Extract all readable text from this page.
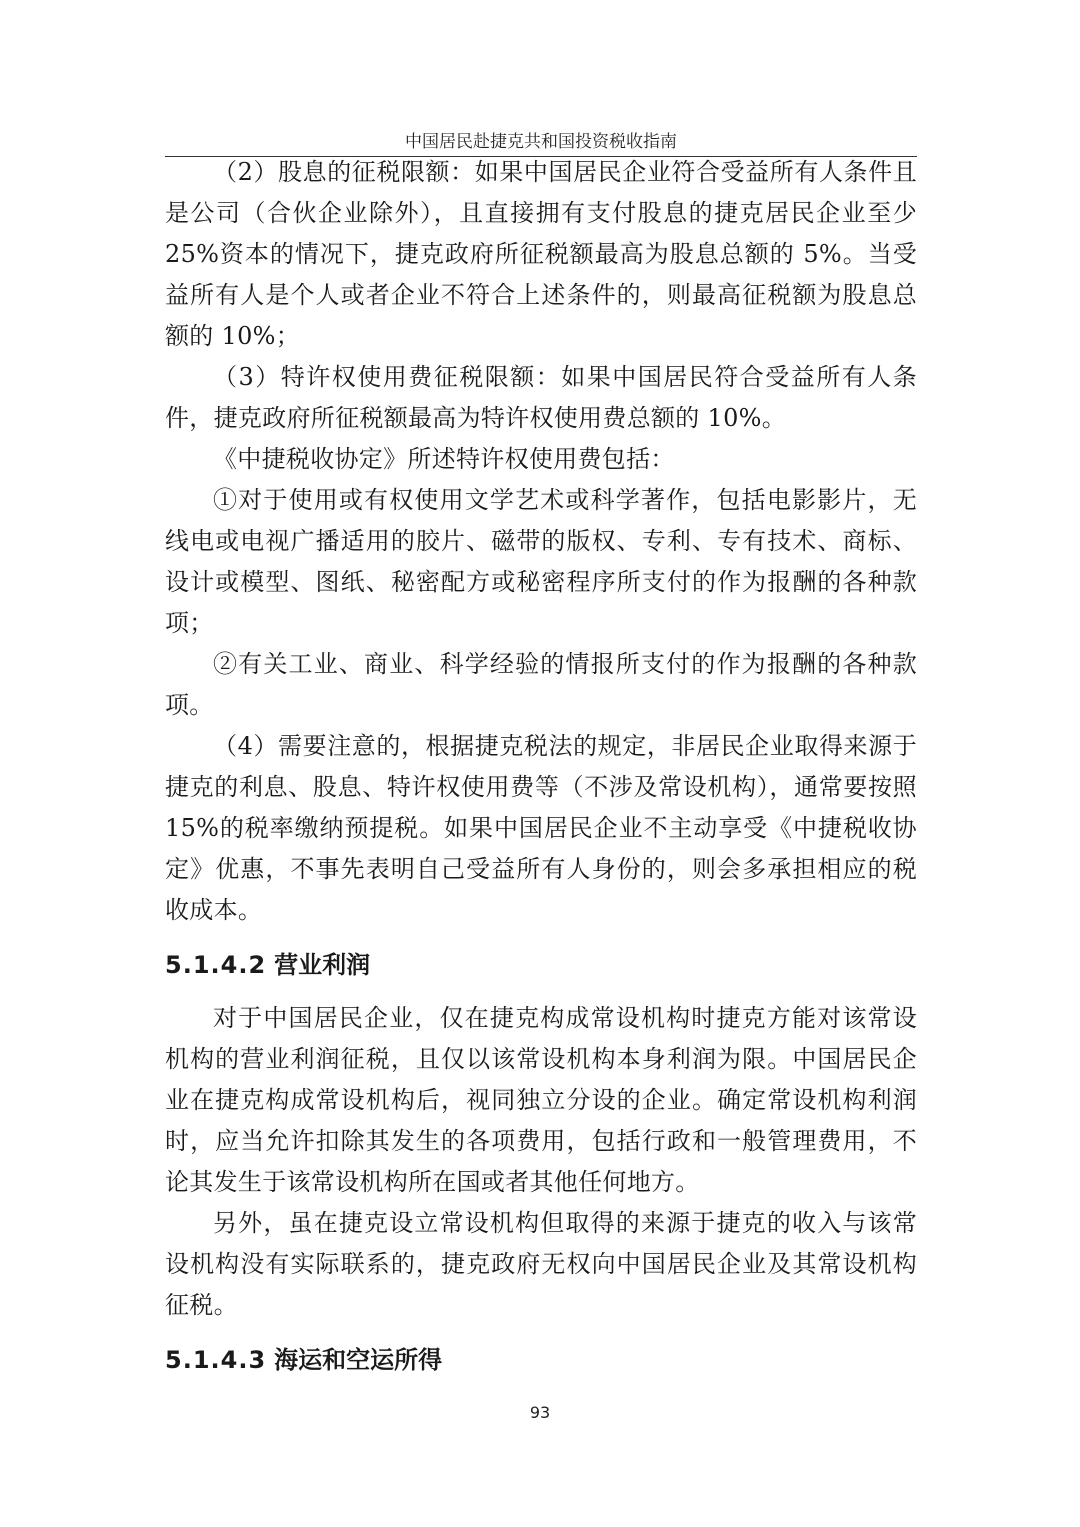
中国居民赴捷克共和国投资税收指南

（2）股息的征税限额：如果中国居民企业符合受益所有人条件且是公司（合伙企业除外），且直接拥有支付股息的捷克居民企业至少 25%资本的情况下，捷克政府所征税额最高为股息总额的 5%。当受益所有人是个人或者企业不符合上述条件的，则最高征税额为股息总额的 10%；

（3）特许权使用费征税限额：如果中国居民符合受益所有人条件，捷克政府所征税额最高为特许权使用费总额的 10%。

《中捷税收协定》所述特许权使用费包括：

①对于使用或有权使用文学艺术或科学著作，包括电影影片，无线电或电视广播适用的胶片、磁带的版权、专利、专有技术、商标、设计或模型、图纸、秘密配方或秘密程序所支付的作为报酬的各种款项；

②有关工业、商业、科学经验的情报所支付的作为报酬的各种款项。

（4）需要注意的，根据捷克税法的规定，非居民企业取得来源于捷克的利息、股息、特许权使用费等（不涉及常设机构），通常要按照 15%的税率缴纳预提税。如果中国居民企业不主动享受《中捷税收协定》优惠，不事先表明自己受益所有人身份的，则会多承担相应的税收成本。

5.1.4.2 营业利润

对于中国居民企业，仅在捷克构成常设机构时捷克方能对该常设机构的营业利润征税，且仅以该常设机构本身利润为限。中国居民企业在捷克构成常设机构后，视同独立分设的企业。确定常设机构利润时，应当允许扣除其发生的各项费用，包括行政和一般管理费用，不论其发生于该常设机构所在国或者其他任何地方。

另外，虽在捷克设立常设机构但取得的来源于捷克的收入与该常设机构没有实际联系的，捷克政府无权向中国居民企业及其常设机构征税。

5.1.4.3 海运和空运所得
93
